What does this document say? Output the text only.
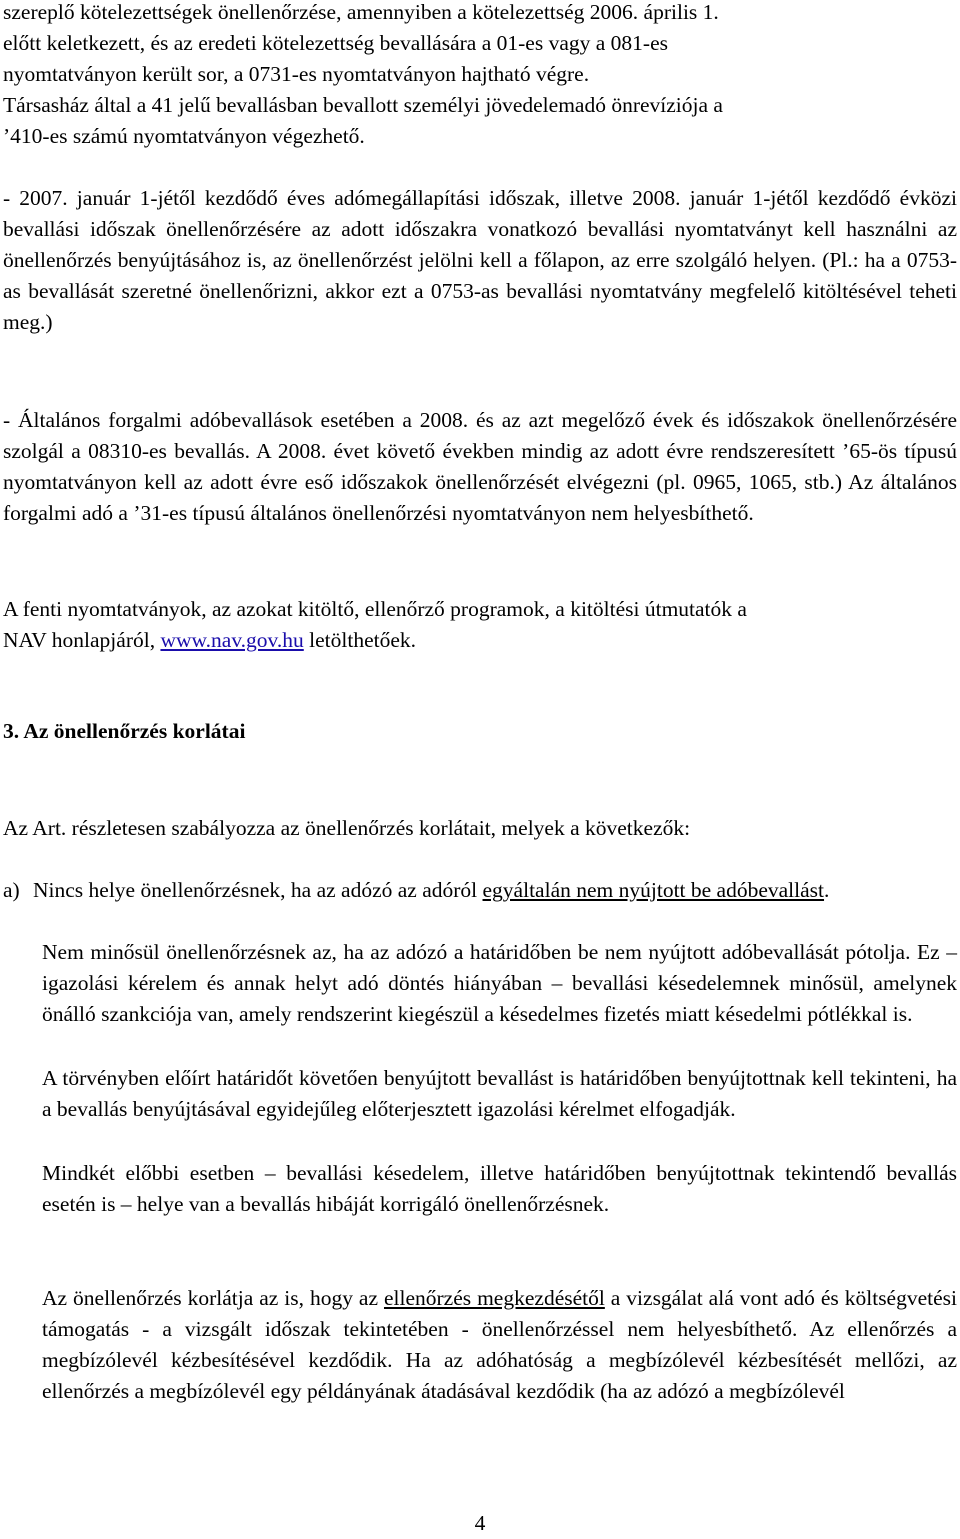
szereplő kötelezettségek önellenőrzése, amennyiben a kötelezettség 2006. április 1.
előtt keletkezett, és az eredeti kötelezettség bevallására a 01-es vagy a 081-es
nyomtatványon került sor, a 0731-es nyomtatványon hajtható végre.
Társasház által a 41 jelű bevallásban bevallott személyi jövedelemadó önrevíziója a
’410-es számú nyomtatványon végezhető.

- 2007. január 1-jétől kezdődő éves adómegállapítási időszak, illetve 2008. január 1-jétől kezdődő évközi bevallási időszak önellenőrzésére az adott időszakra vonatkozó bevallási nyomtatványt kell használni az önellenőrzés benyújtásához is, az önellenőrzést jelölni kell a főlapon, az erre szolgáló helyen. (Pl.: ha a 0753-as bevallását szeretné önellenőrizni, akkor ezt a 0753-as bevallási nyomtatvány megfelelő kitöltésével teheti meg.)

- Általános forgalmi adóbevallások esetében a 2008. és az azt megelőző évek és időszakok önellenőrzésére szolgál a 08310-es bevallás. A 2008. évet követő években mindig az adott évre rendszeresített ’65-ös típusú nyomtatványon kell az adott évre eső időszakok önellenőrzését elvégezni (pl. 0965, 1065, stb.) Az általános forgalmi adó a ’31-es típusú általános önellenőrzési nyomtatványon nem helyesbíthető.

A fenti nyomtatványok, az azokat kitöltő, ellenőrző programok, a kitöltési útmutatók a
NAV honlapjáról, www.nav.gov.hu letölthetőek.
3. Az önellenőrzés korlátai
Az Art. részletesen szabályozza az önellenőrzés korlátait, melyek a következők:
a) Nincs helye önellenőrzésnek, ha az adózó az adóról egyáltalán nem nyújtott be adóbevallást.

Nem minősül önellenőrzésnek az, ha az adózó a határidőben be nem nyújtott adóbevallását pótolja. Ez – igazolási kérelem és annak helyt adó döntés hiányában – bevallási késedelemnek minősül, amelynek önálló szankciója van, amely rendszerint kiegészül a késedelmes fizetés miatt késedelmi pótlékkal is.

A törvényben előírt határidőt követően benyújtott bevallást is határidőben benyújtottnak kell tekinteni, ha a bevallás benyújtásával egyidejűleg előterjesztett igazolási kérelmet elfogadják.

Mindkét előbbi esetben – bevallási késedelem, illetve határidőben benyújtottnak tekintendő bevallás esetén is – helye van a bevallás hibáját korrigáló önellenőrzésnek.

Az önellenőrzés korlátja az is, hogy az ellenőrzés megkezdésétől a vizsgálat alá vont adó és költségvetési támogatás - a vizsgált időszak tekintetében - önellenőrzéssel nem helyesbíthető. Az ellenőrzés a megbízólevél kézbesítésével kezdődik. Ha az adóhatóság a megbízólevél kézbesítését mellőzi, az ellenőrzés a megbízólevél egy példányának átadásával kezdődik (ha az adózó a megbízólevél

4
